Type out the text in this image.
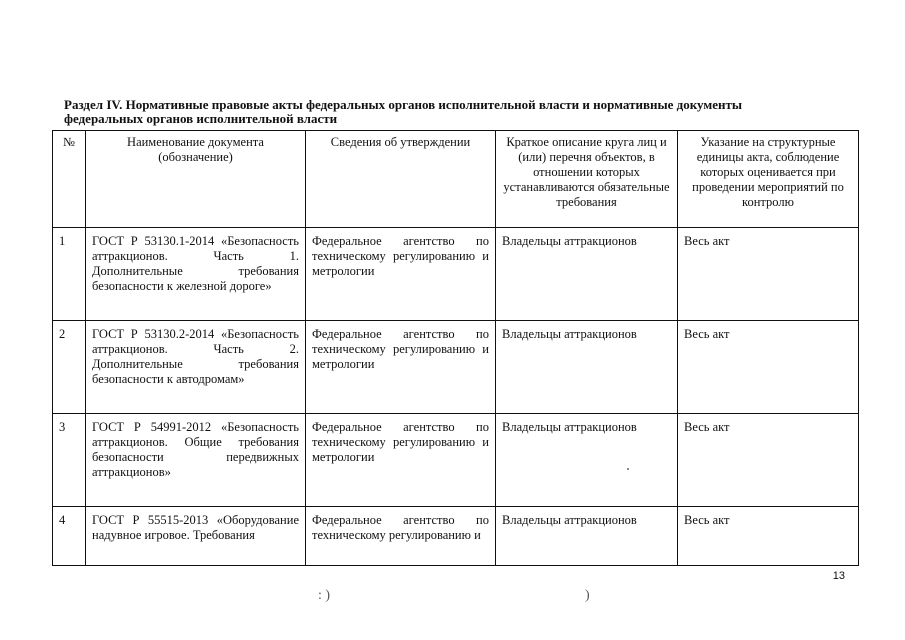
Раздел IV. Нормативные правовые акты федеральных органов исполнительной власти и нормативные документы федеральных органов исполнительной власти
№	Наименование документа (обозначение)	Сведения об утверждении	Краткое описание круга лиц и (или) перечня объектов, в отношении которых устанавливаются обязательные требования	Указание на структурные единицы акта, соблюдение которых оценивается при проведении мероприятий по контролю
1	ГОСТ Р 53130.1-2014 «Безопасность аттракционов. Часть 1. Дополнительные требования безопасности к железной дороге»	Федеральное агентство по техническому регулированию и метрологии	Владельцы аттракционов	Весь акт
2	ГОСТ Р 53130.2-2014 «Безопасность аттракционов. Часть 2. Дополнительные требования безопасности к автодромам»	Федеральное агентство по техническому регулированию и метрологии	Владельцы аттракционов	Весь акт
3	ГОСТ Р 54991-2012 «Безопасность аттракционов. Общие требования безопасности передвижных аттракционов»	Федеральное агентство по техническому регулированию и метрологии	Владельцы аттракционов	Весь акт
4	ГОСТ Р 55515-2013 «Оборудование надувное игровое. Требования	Федеральное агентство по техническому регулированию и	Владельцы аттракционов	Весь акт
13
: )	)
